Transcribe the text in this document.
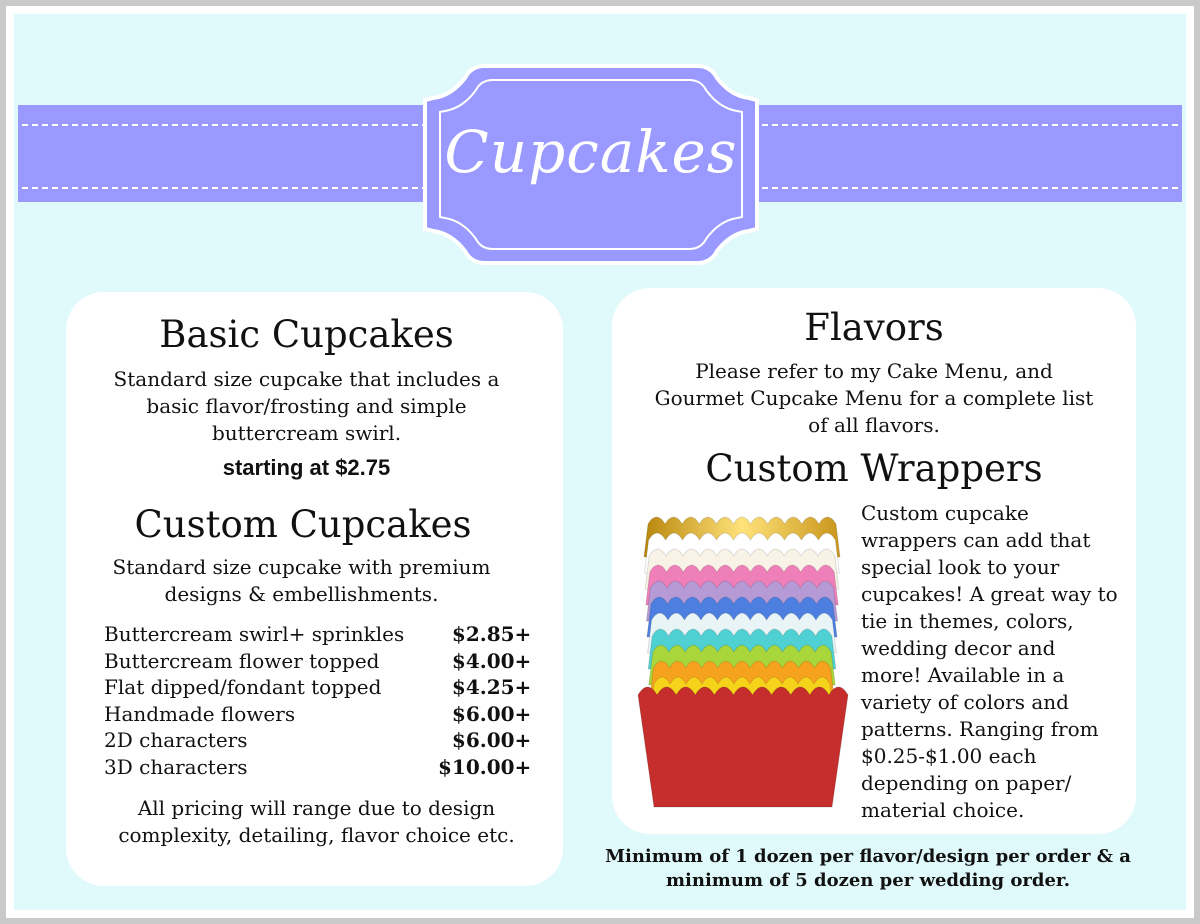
Cupcakes
Basic Cupcakes
Standard size cupcake that includes a basic flavor/frosting and simple buttercream swirl.
starting at $2.75
Custom Cupcakes
Standard size cupcake with premium designs & embellishments.
Buttercream swirl+ sprinkles	$2.85+
Buttercream flower topped	$4.00+
Flat dipped/fondant topped	$4.25+
Handmade flowers	$6.00+
2D characters	$6.00+
3D characters	$10.00+
All pricing will range due to design complexity, detailing, flavor choice etc.
Flavors
Please refer to my Cake Menu, and Gourmet Cupcake Menu for a complete list of all flavors.
Custom Wrappers
Custom cupcake wrappers can add that special look to your cupcakes! A great way to tie in themes, colors, wedding decor and more! Available in a variety of colors and patterns. Ranging from $0.25-$1.00 each depending on paper/ material choice.
Minimum of 1 dozen per flavor/design per order & a minimum of 5 dozen per wedding order.
